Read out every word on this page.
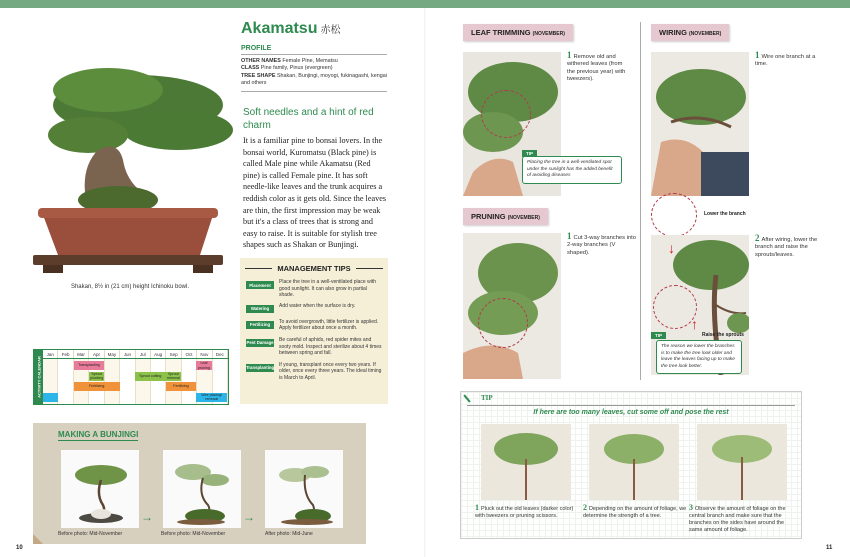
Shakan, 8½ in (21 cm) height Ichinoku bowl.
Akamatsu 赤松
PROFILE
OTHER NAMES Female Pine, Mematsu
CLASS Pine family, Pinus (evergreen)
TREE SHAPE Shakan, Bunjingi, moyogi, fukinagashi, kengai and others
Soft needles and a hint of red charm
It is a familiar pine to bonsai lovers. In the bonsai world, Kuromatsu (Black pine) is called Male pine while Akamatsu (Red pine) is called Female pine. It has soft needle-like leaves and the trunk acquires a reddish color as it gets old. Since the leaves are thin, the first impression may be weak but it's a class of trees that is strong and easy to raise. It is suitable for stylish tree shapes such as Shakan or Bunjingi.
MANAGEMENT TIPS
Placement	Place the tree in a well-ventilated place with good sunlight. It can also grow in partial shade.
Watering	Add water when the surface is dry.
Fertilizing	To avoid overgrowth, little fertilizer is applied. Apply fertilizer about once a month.
Pest Damage Be careful of aphids, red spider mites and sooty mold. Inspect and sterilize about 4 times between spring and fall.
Transplanting If young, transplant once every two years. If older, once every three years. The ideal timing is March to April.
ACTIVITY CALENDAR
Jan	Feb	Mar	Apr	May	Jun	Jul	Aug	Sep	Oct	Nov	Dec
Transplanting
Leaf pruning
Sprout plucking
Sprout cutting
Sprout removal
Fertilizing	Fertilizing
Wire placing/ removal
MAKING A BUNJINGI
Before photo: Mid-November
→
Before photo: Mid-November
→
After photo: Mid-June
10
LEAF TRIMMING (NOVEMBER)
1 Remove old and withered leaves (from the previous year) with tweezers).
Placing the tree in a well-ventilated spot under the sunlight has the added benefit of avoiding diseases
TIP
PRUNING (NOVEMBER)
1 Cut 3-way branches into 2-way branches (V shaped).
WIRING (NOVEMBER)
1 Wire one branch at a time.
Lower the branch
↓
↑
Raise the sprouts
2 After wiring, lower the branch and raise the sprouts/leaves.
The reason we lower the branches is to make the tree look older and leave the leaves facing up to make the tree look better.
TIP
TIP
If here are too many leaves, cut some off and pose the rest
1 Pluck out the old leaves (darker color) with tweezers or pruning scissors.
2 Depending on the amount of foliage, we determine the strength of a tree.
3 Observe the amount of foliage on the central branch and make sure that the branches on the sides have around the same amount of foliage.
11
